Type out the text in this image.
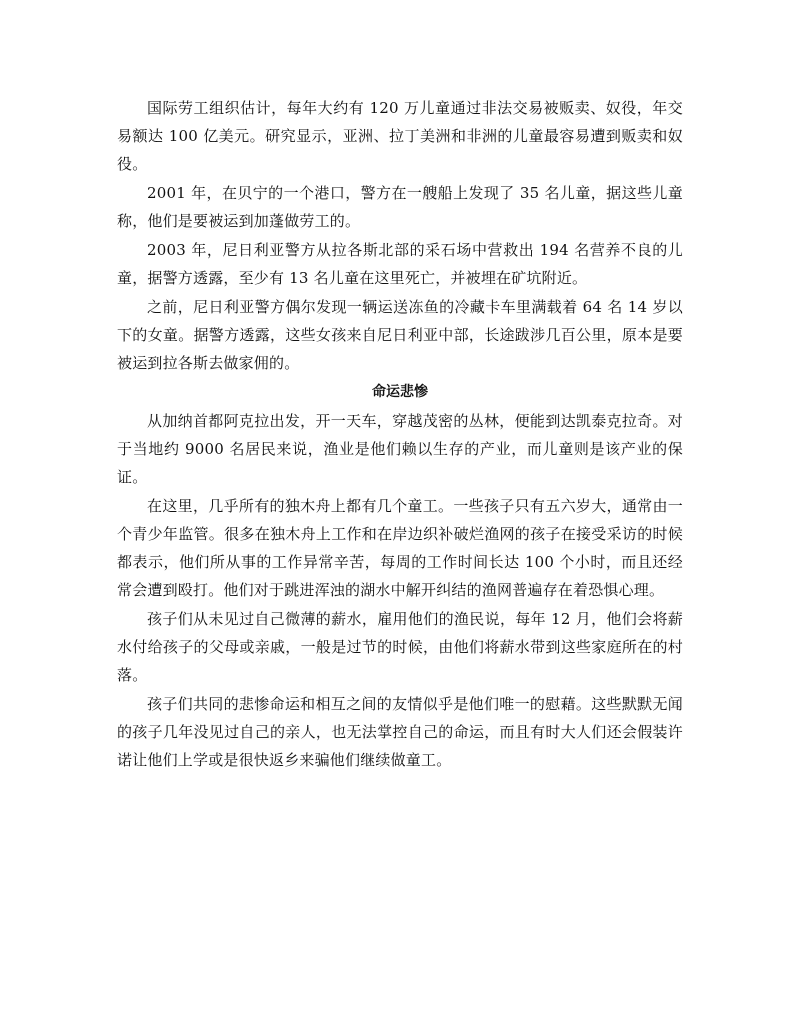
国际劳工组织估计，每年大约有 120 万儿童通过非法交易被贩卖、奴役，年交易额达 100 亿美元。研究显示，亚洲、拉丁美洲和非洲的儿童最容易遭到贩卖和奴役。

2001 年，在贝宁的一个港口，警方在一艘船上发现了 35 名儿童，据这些儿童称，他们是要被运到加蓬做劳工的。

2003 年，尼日利亚警方从拉各斯北部的采石场中营救出 194 名营养不良的儿童，据警方透露，至少有 13 名儿童在这里死亡，并被埋在矿坑附近。

之前，尼日利亚警方偶尔发现一辆运送冻鱼的冷藏卡车里满载着 64 名 14 岁以下的女童。据警方透露，这些女孩来自尼日利亚中部，长途跋涉几百公里，原本是要被运到拉各斯去做家佣的。

命运悲惨

从加纳首都阿克拉出发，开一天车，穿越茂密的丛林，便能到达凯泰克拉奇。对于当地约 9000 名居民来说，渔业是他们赖以生存的产业，而儿童则是该产业的保证。

在这里，几乎所有的独木舟上都有几个童工。一些孩子只有五六岁大，通常由一个青少年监管。很多在独木舟上工作和在岸边织补破烂渔网的孩子在接受采访的时候都表示，他们所从事的工作异常辛苦，每周的工作时间长达 100 个小时，而且还经常会遭到殴打。他们对于跳进浑浊的湖水中解开纠结的渔网普遍存在着恐惧心理。

孩子们从未见过自己微薄的薪水，雇用他们的渔民说，每年 12 月，他们会将薪水付给孩子的父母或亲戚，一般是过节的时候，由他们将薪水带到这些家庭所在的村落。

孩子们共同的悲惨命运和相互之间的友情似乎是他们唯一的慰藉。这些默默无闻的孩子几年没见过自己的亲人，也无法掌控自己的命运，而且有时大人们还会假装许诺让他们上学或是很快返乡来骗他们继续做童工。
